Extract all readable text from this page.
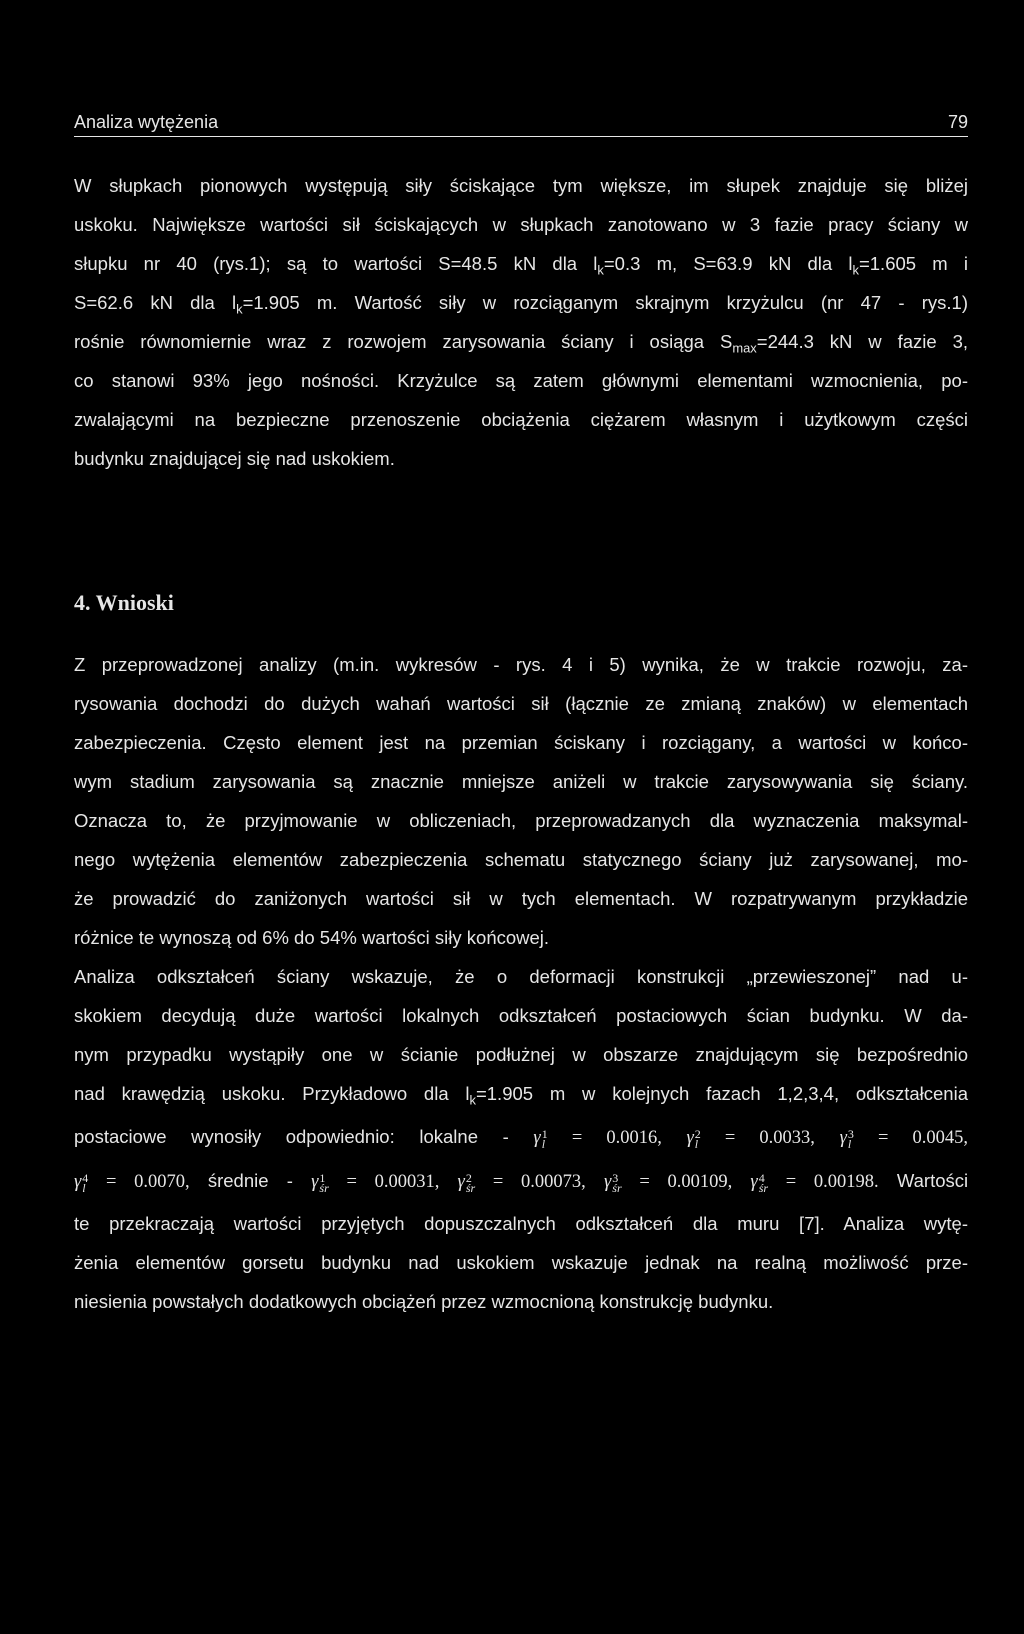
Analiza wytężenia	79
W słupkach pionowych występują siły ściskające tym większe, im słupek znajduje się bliżej
uskoku. Największe wartości sił ściskających w słupkach zanotowano w 3 fazie pracy ściany w
słupku nr 40 (rys.1); są to wartości S=48.5 kN dla $l_k=0.3$ m, S=63.9 kN dla $l_k=1.605$ m i
S=62.6 kN dla $l_k=1.905$ m. Wartość siły w rozciąganym skrajnym krzyżulcu (nr 47 - rys.1)
rośnie równomiernie wraz z rozwojem zarysowania ściany i osiąga $S_{max}=244.3$ kN w fazie 3,
co stanowi 93% jego nośności. Krzyżulce są zatem głównymi elementami wzmocnienia, po-
zwalającymi na bezpieczne przenoszenie obciążenia ciężarem własnym i użytkowym części
budynku znajdującej się nad uskokiem.
4. Wnioski
Z przeprowadzonej analizy (m.in. wykresów - rys. 4 i 5) wynika, że w trakcie rozwoju, za-
rysowania dochodzi do dużych wahań wartości sił (łącznie ze zmianą znaków) w elementach
zabezpieczenia. Często element jest na przemian ściskany i rozciągany, a wartości w końco-
wym stadium zarysowania są znacznie mniejsze aniżeli w trakcie zarysowywania się ściany.
Oznacza to, że przyjmowanie w obliczeniach, przeprowadzanych dla wyznaczenia maksymal-
nego wytężenia elementów zabezpieczenia schematu statycznego ściany już zarysowanej, mo-
że prowadzić do zaniżonych wartości sił w tych elementach. W rozpatrywanym przykładzie
różnice te wynoszą od 6% do 54% wartości siły końcowej.
Analiza odkształceń ściany wskazuje, że o deformacji konstrukcji „przewieszonej” nad u-
skokiem decydują duże wartości lokalnych odkształceń postaciowych ścian budynku. W da-
nym przypadku wystąpiły one w ścianie podłużnej w obszarze znajdującym się bezpośrednio
nad krawędzią uskoku. Przykładowo dla $l_k=1.905$ m w kolejnych fazach 1,2,3,4, odkształcenia
postaciowe wynosiły odpowiednio: lokalne - γ 1
l = 0.0016, γ 2
l = 0.0033, γ 3
l = 0.0045,
γ 4
l = 0.0070, średnie - γ 1
śr = 0.00031, γ 2
śr = 0.00073, γ 3
śr = 0.00109, γ 4
śr = 0.00198. Wartości
te przekraczają wartości przyjętych dopuszczalnych odkształceń dla muru [7]. Analiza wytę-
żenia elementów gorsetu budynku nad uskokiem wskazuje jednak na realną możliwość prze-
niesienia powstałych dodatkowych obciążeń przez wzmocnioną konstrukcję budynku.
